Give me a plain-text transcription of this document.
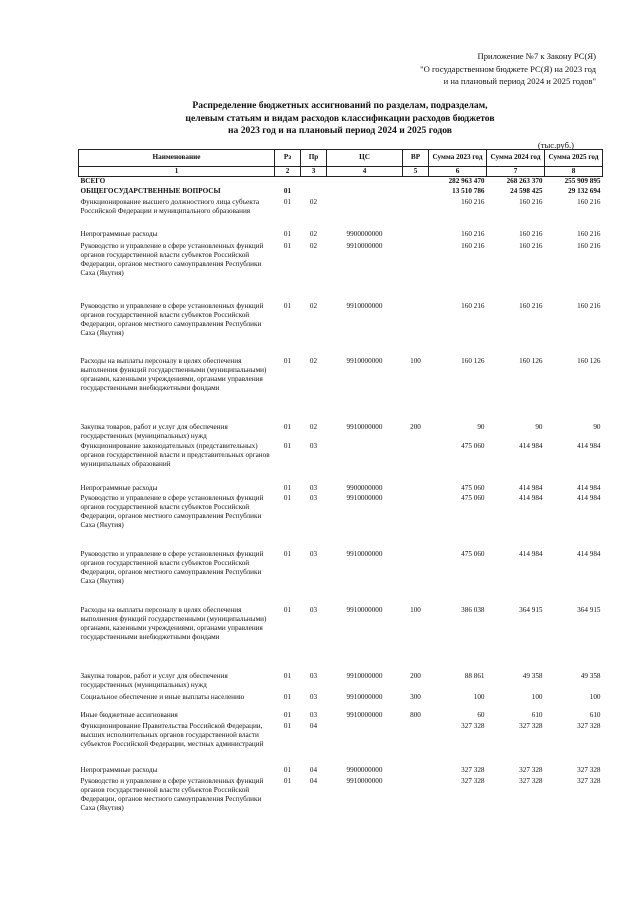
Приложение №7 к Закону РС(Я)
"О государственном бюджете РС(Я) на 2023 год
и на плановый период 2024 и 2025 годов"
Распределение бюджетных ассигнований по разделам, подразделам,
целевым статьям и видам расходов классификации расходов бюджетов
на 2023 год и на плановый период 2024 и 2025 годов
(тыс.руб.)
Наименование	Рз	Пр	ЦС	ВР	Сумма 2023 год	Сумма 2024 год	Сумма 2025 год
1	2	3	4	5	6	7	8
ВСЕГО					282 963 470	268 263 370	255 909 895
ОБЩЕГОСУДАРСТВЕННЫЕ ВОПРОСЫ	01				13 510 786	24 598 425	29 132 694
Функционирование высшего должностного лица субъекта Российской Федерации и муниципального образования	01	02			160 216	160 216	160 216
Непрограммные расходы	01	02	9900000000		160 216	160 216	160 216
Руководство и управление в сфере установленных функций органов государственной власти субъектов Российской Федерации, органов местного самоуправления Республики Саха (Якутия)	01	02	9910000000		160 216	160 216	160 216
Руководство и управление в сфере установленных функций органов государственной власти субъектов Российской Федерации, органов местного самоуправления Республики Саха (Якутия)	01	02	9910000000		160 216	160 216	160 216
Расходы на выплаты персоналу в целях обеспечения выполнения функций государственными (муниципальными) органами, казенными учреждениями, органами управления государственными внебюджетными фондами	01	02	9910000000	100	160 126	160 126	160 126
Закупка товаров, работ и услуг для обеспечения государственных (муниципальных) нужд	01	02	9910000000	200	90	90	90
Функционирование законодательных (представительных) органов государственной власти и представительных органов муниципальных образований	01	03			475 060	414 984	414 984
Непрограммные расходы	01	03	9900000000		475 060	414 984	414 984
Руководство и управление в сфере установленных функций органов государственной власти субъектов Российской Федерации, органов местного самоуправления Республики Саха (Якутия)	01	03	9910000000		475 060	414 984	414 984
Руководство и управление в сфере установленных функций органов государственной власти субъектов Российской Федерации, органов местного самоуправления Республики Саха (Якутия)	01	03	9910000000		475 060	414 984	414 984
Расходы на выплаты персоналу в целях обеспечения выполнения функций государственными (муниципальными) органами, казенными учреждениями, органами управления государственными внебюджетными фондами	01	03	9910000000	100	386 038	364 915	364 915
Закупка товаров, работ и услуг для обеспечения государственных (муниципальных) нужд	01	03	9910000000	200	88 861	49 358	49 358
Социальное обеспечение и иные выплаты населению	01	03	9910000000	300	100	100	100
Иные бюджетные ассигнования	01	03	9910000000	800	60	610	610
Функционирование Правительства Российской Федерации, высших исполнительных органов государственной власти субъектов Российской Федерации, местных администраций	01	04			327 328	327 328	327 328
Непрограммные расходы	01	04	9900000000		327 328	327 328	327 328
Руководство и управление в сфере установленных функций органов государственной власти субъектов Российской Федерации, органов местного самоуправления Республики Саха (Якутия)	01	04	9910000000		327 328	327 328	327 328
